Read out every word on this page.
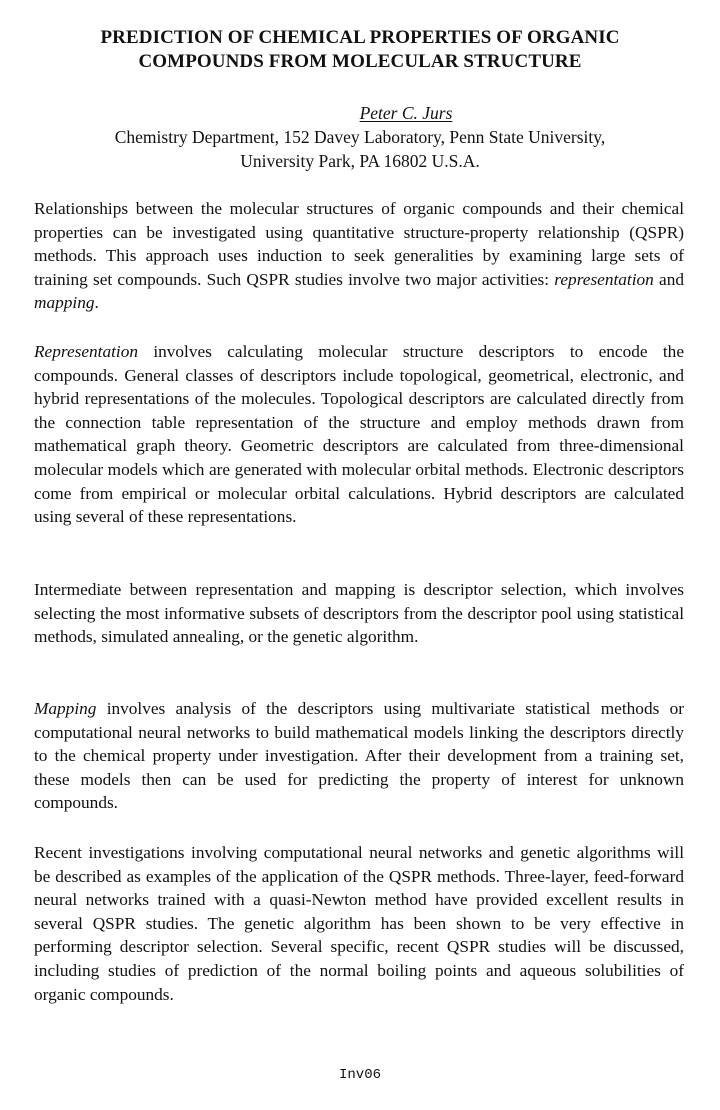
PREDICTION OF CHEMICAL PROPERTIES OF ORGANIC
COMPOUNDS FROM MOLECULAR STRUCTURE
Peter C. Jurs
Chemistry Department, 152 Davey Laboratory, Penn State University,
University Park, PA 16802 U.S.A.

Relationships between the molecular structures of organic compounds and their chemical properties can be investigated using quantitative structure-property relationship (QSPR) methods. This approach uses induction to seek generalities by examining large sets of training set compounds. Such QSPR studies involve two major activities: representation and mapping.

Representation involves calculating molecular structure descriptors to encode the compounds. General classes of descriptors include topological, geometrical, electronic, and hybrid representations of the molecules. Topological descriptors are calculated directly from the connection table representation of the structure and employ methods drawn from mathematical graph theory. Geometric descriptors are calculated from three-dimensional molecular models which are generated with molecular orbital methods. Electronic descriptors come from empirical or molecular orbital calculations. Hybrid descriptors are calculated using several of these representations.

Intermediate between representation and mapping is descriptor selection, which involves selecting the most informative subsets of descriptors from the descriptor pool using statistical methods, simulated annealing, or the genetic algorithm.

Mapping involves analysis of the descriptors using multivariate statistical methods or computational neural networks to build mathematical models linking the descriptors directly to the chemical property under investigation. After their development from a training set, these models then can be used for predicting the property of interest for unknown compounds.

Recent investigations involving computational neural networks and genetic algorithms will be described as examples of the application of the QSPR methods. Three-layer, feed-forward neural networks trained with a quasi-Newton method have provided excellent results in several QSPR studies. The genetic algorithm has been shown to be very effective in performing descriptor selection. Several specific, recent QSPR studies will be discussed, including studies of prediction of the normal boiling points and aqueous solubilities of organic compounds.

Inv06
